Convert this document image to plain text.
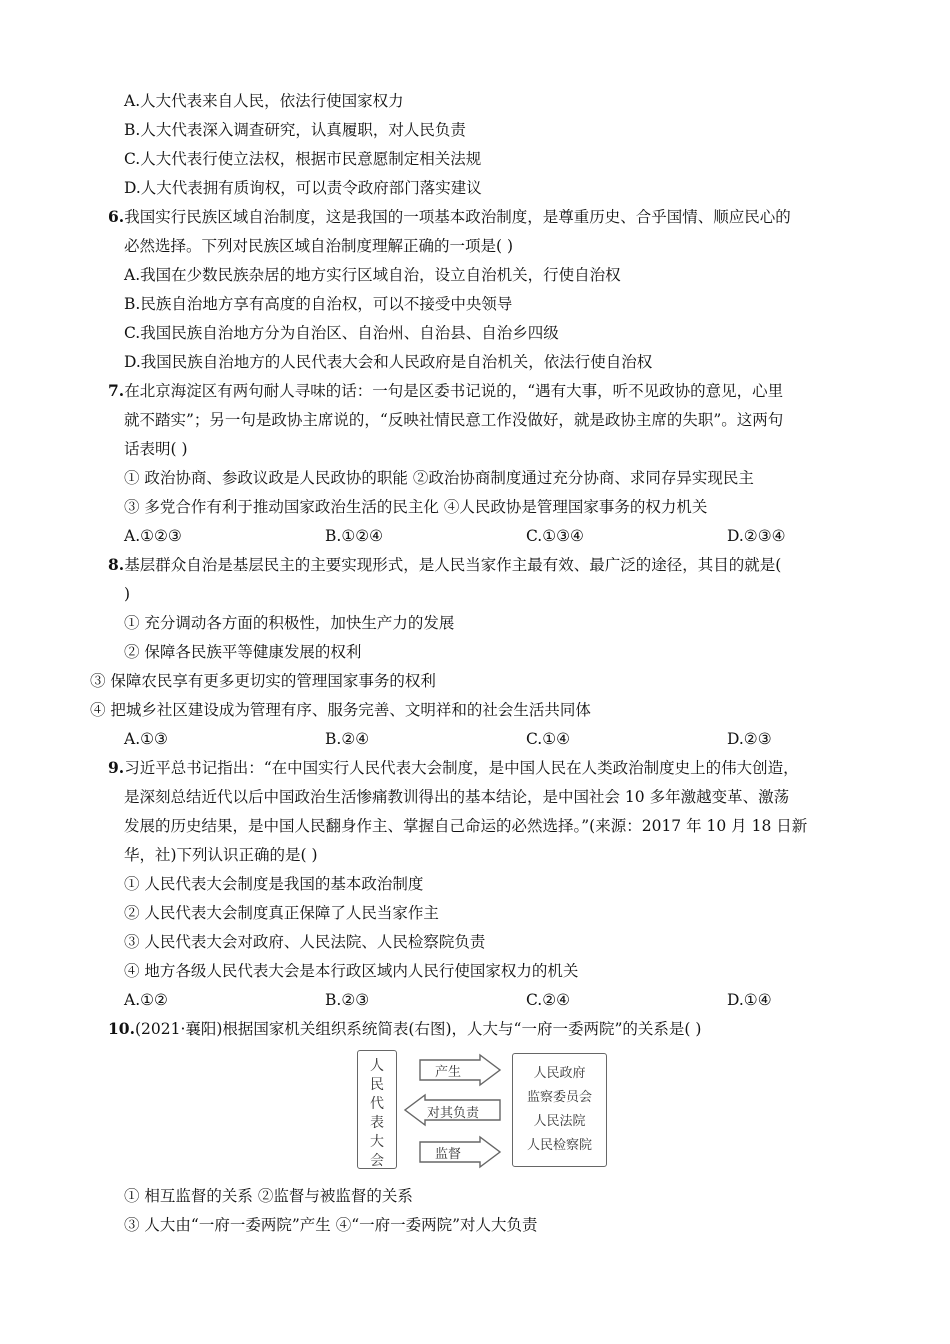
A.人大代表来自人民，依法行使国家权力
B.人大代表深入调查研究，认真履职，对人民负责
C.人大代表行使立法权，根据市民意愿制定相关法规
D.人大代表拥有质询权，可以责令政府部门落实建议
6.我国实行民族区域自治制度，这是我国的一项基本政治制度，是尊重历史、合乎国情、顺应民心的
必然选择。下列对民族区域自治制度理解正确的一项是( )
A.我国在少数民族杂居的地方实行区域自治，设立自治机关，行使自治权
B.民族自治地方享有高度的自治权，可以不接受中央领导
C.我国民族自治地方分为自治区、自治州、自治县、自治乡四级
D.我国民族自治地方的人民代表大会和人民政府是自治机关，依法行使自治权
7.在北京海淀区有两句耐人寻味的话：一句是区委书记说的，“遇有大事，听不见政协的意见，心里
就不踏实”；另一句是政协主席说的，“反映社情民意工作没做好，就是政协主席的失职”。这两句
话表明( )
① 政治协商、参政议政是人民政协的职能 ②政治协商制度通过充分协商、求同存异实现民主
③ 多党合作有利于推动国家政治生活的民主化 ④人民政协是管理国家事务的权力机关
A.①②③	B.①②④	C.①③④	D.②③④
8.基层群众自治是基层民主的主要实现形式，是人民当家作主最有效、最广泛的途径，其目的就是(
)
① 充分调动各方面的积极性，加快生产力的发展
② 保障各民族平等健康发展的权利
③ 保障农民享有更多更切实的管理国家事务的权利
④ 把城乡社区建设成为管理有序、服务完善、文明祥和的社会生活共同体
A.①③	B.②④	C.①④	D.②③
9.习近平总书记指出：“在中国实行人民代表大会制度，是中国人民在人类政治制度史上的伟大创造，
是深刻总结近代以后中国政治生活惨痛教训得出的基本结论，是中国社会 10 多年激越变革、激荡
发展的历史结果，是中国人民翻身作主、掌握自己命运的必然选择。”(来源：2017 年 10 月 18 日新
华，社)下列认识正确的是( )
① 人民代表大会制度是我国的基本政治制度
② 人民代表大会制度真正保障了人民当家作主
③ 人民代表大会对政府、人民法院、人民检察院负责
④ 地方各级人民代表大会是本行政区域内人民行使国家权力的机关
A.①②	B.②③	C.②④	D.①④
10.(2021·襄阳)根据国家机关组织系统简表(右图)，人大与“一府一委两院”的关系是( )
人
民
代
表
大
会
产生
对其负责
监督
人民政府
监察委员会
人民法院
人民检察院
① 相互监督的关系 ②监督与被监督的关系
③ 人大由“一府一委两院”产生 ④“一府一委两院”对人大负责
